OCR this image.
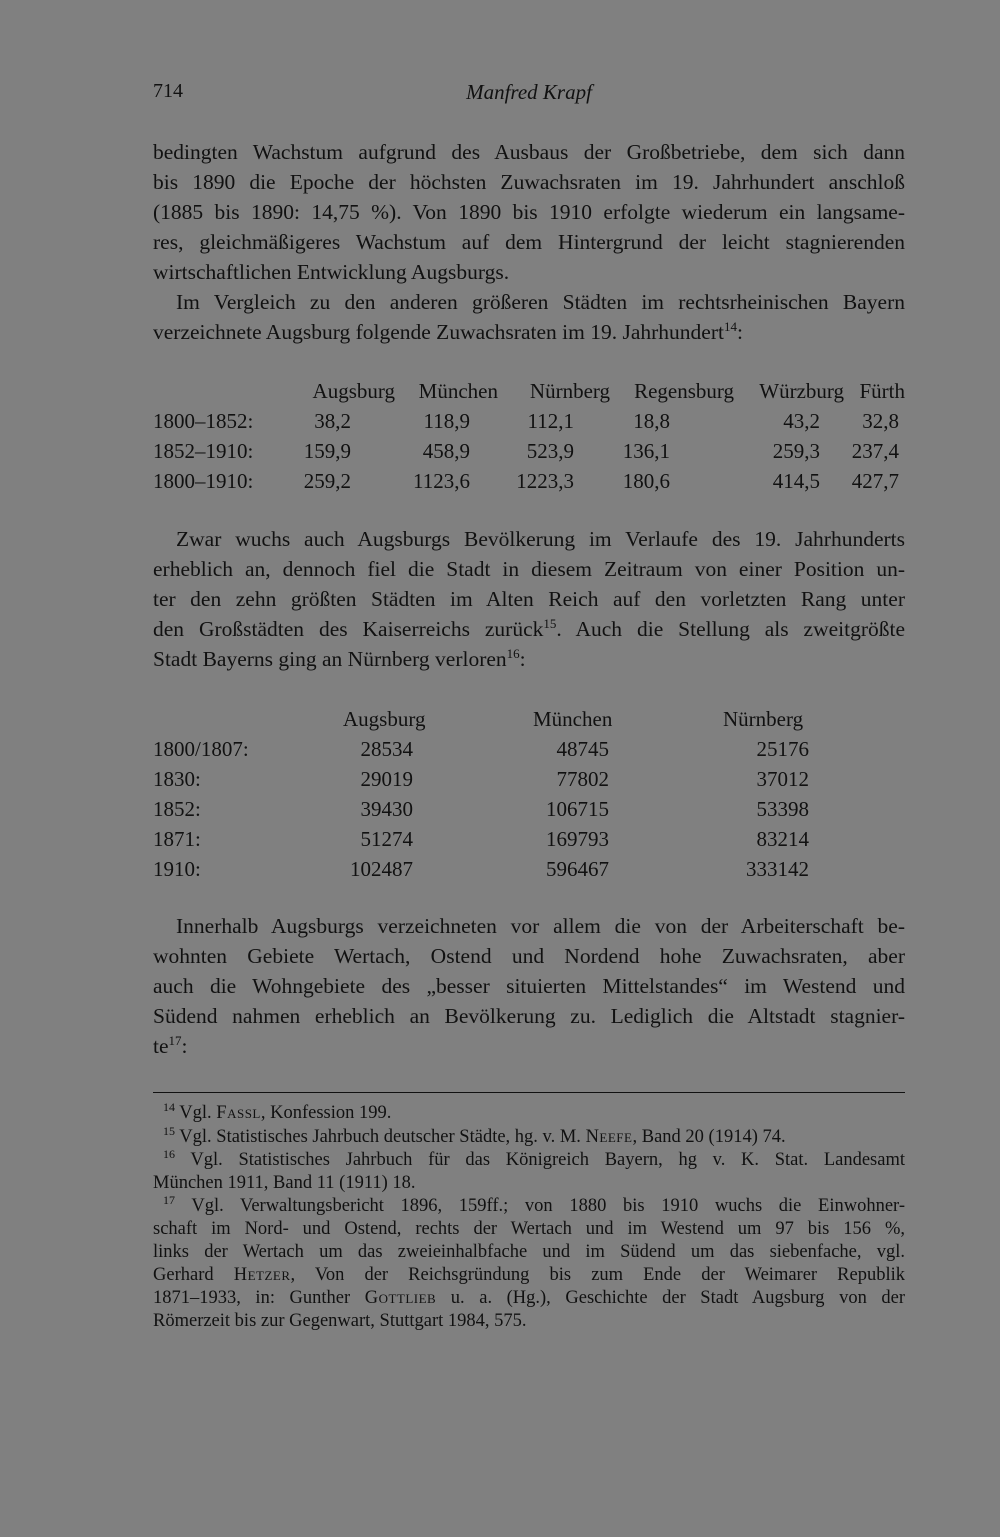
714	Manfred Krapf
bedingten Wachstum aufgrund des Ausbaus der Großbetriebe, dem sich dann
bis 1890 die Epoche der höchsten Zuwachsraten im 19. Jahrhundert anschloß
(1885 bis 1890: 14,75 %). Von 1890 bis 1910 erfolgte wiederum ein langsame-
res, gleichmäßigeres Wachstum auf dem Hintergrund der leicht stagnierenden
wirtschaftlichen Entwicklung Augsburgs.
Im Vergleich zu den anderen größeren Städten im rechtsrheinischen Bayern
verzeichnete Augsburg folgende Zuwachsraten im 19. Jahrhundert$^{14}$:
	Augsburg	München	Nürnberg	Regensburg	Würzburg	Fürth
1800–1852:	38,2	118,9	112,1	18,8	43,2	32,8
1852–1910:	159,9	458,9	523,9	136,1	259,3	237,4
1800–1910:	259,2	1123,6	1223,3	180,6	414,5	427,7
Zwar wuchs auch Augsburgs Bevölkerung im Verlaufe des 19. Jahrhunderts
erheblich an, dennoch fiel die Stadt in diesem Zeitraum von einer Position un-
ter den zehn größten Städten im Alten Reich auf den vorletzten Rang unter
den Großstädten des Kaiserreichs zurück$^{15}$. Auch die Stellung als zweitgrößte
Stadt Bayerns ging an Nürnberg verloren$^{16}$:
	Augsburg	München	Nürnberg
1800/1807:	28534	48745	25176
1830:	29019	77802	37012
1852:	39430	106715	53398
1871:	51274	169793	83214
1910:	102487	596467	333142
Innerhalb Augsburgs verzeichneten vor allem die von der Arbeiterschaft be-
wohnten Gebiete Wertach, Ostend und Nordend hohe Zuwachsraten, aber
auch die Wohngebiete des „besser situierten Mittelstandes“ im Westend und
Südend nahmen erheblich an Bevölkerung zu. Lediglich die Altstadt stagnier-
$te^{17}$:
$^{14}$ Vgl. Fassl, Konfession 199.
$^{15}$ Vgl. Statistisches Jahrbuch deutscher Städte, hg. v. M. Neefe, Band 20 (1914) 74.
$^{16}$ Vgl. Statistisches Jahrbuch für das Königreich Bayern, hg v. K. Stat. Landesamt
München 1911, Band 11 (1911) 18.
$^{17}$ Vgl. Verwaltungsbericht 1896, 159ff.; von 1880 bis 1910 wuchs die Einwohner-
schaft im Nord- und Ostend, rechts der Wertach und im Westend um 97 bis 156 %,
links der Wertach um das zweieinhalbfache und im Südend um das siebenfache, vgl.
Gerhard Hetzer, Von der Reichsgründung bis zum Ende der Weimarer Republik
1871–1933, in: Gunther Gottlieb u. a. (Hg.), Geschichte der Stadt Augsburg von der
Römerzeit bis zur Gegenwart, Stuttgart 1984, 575.
